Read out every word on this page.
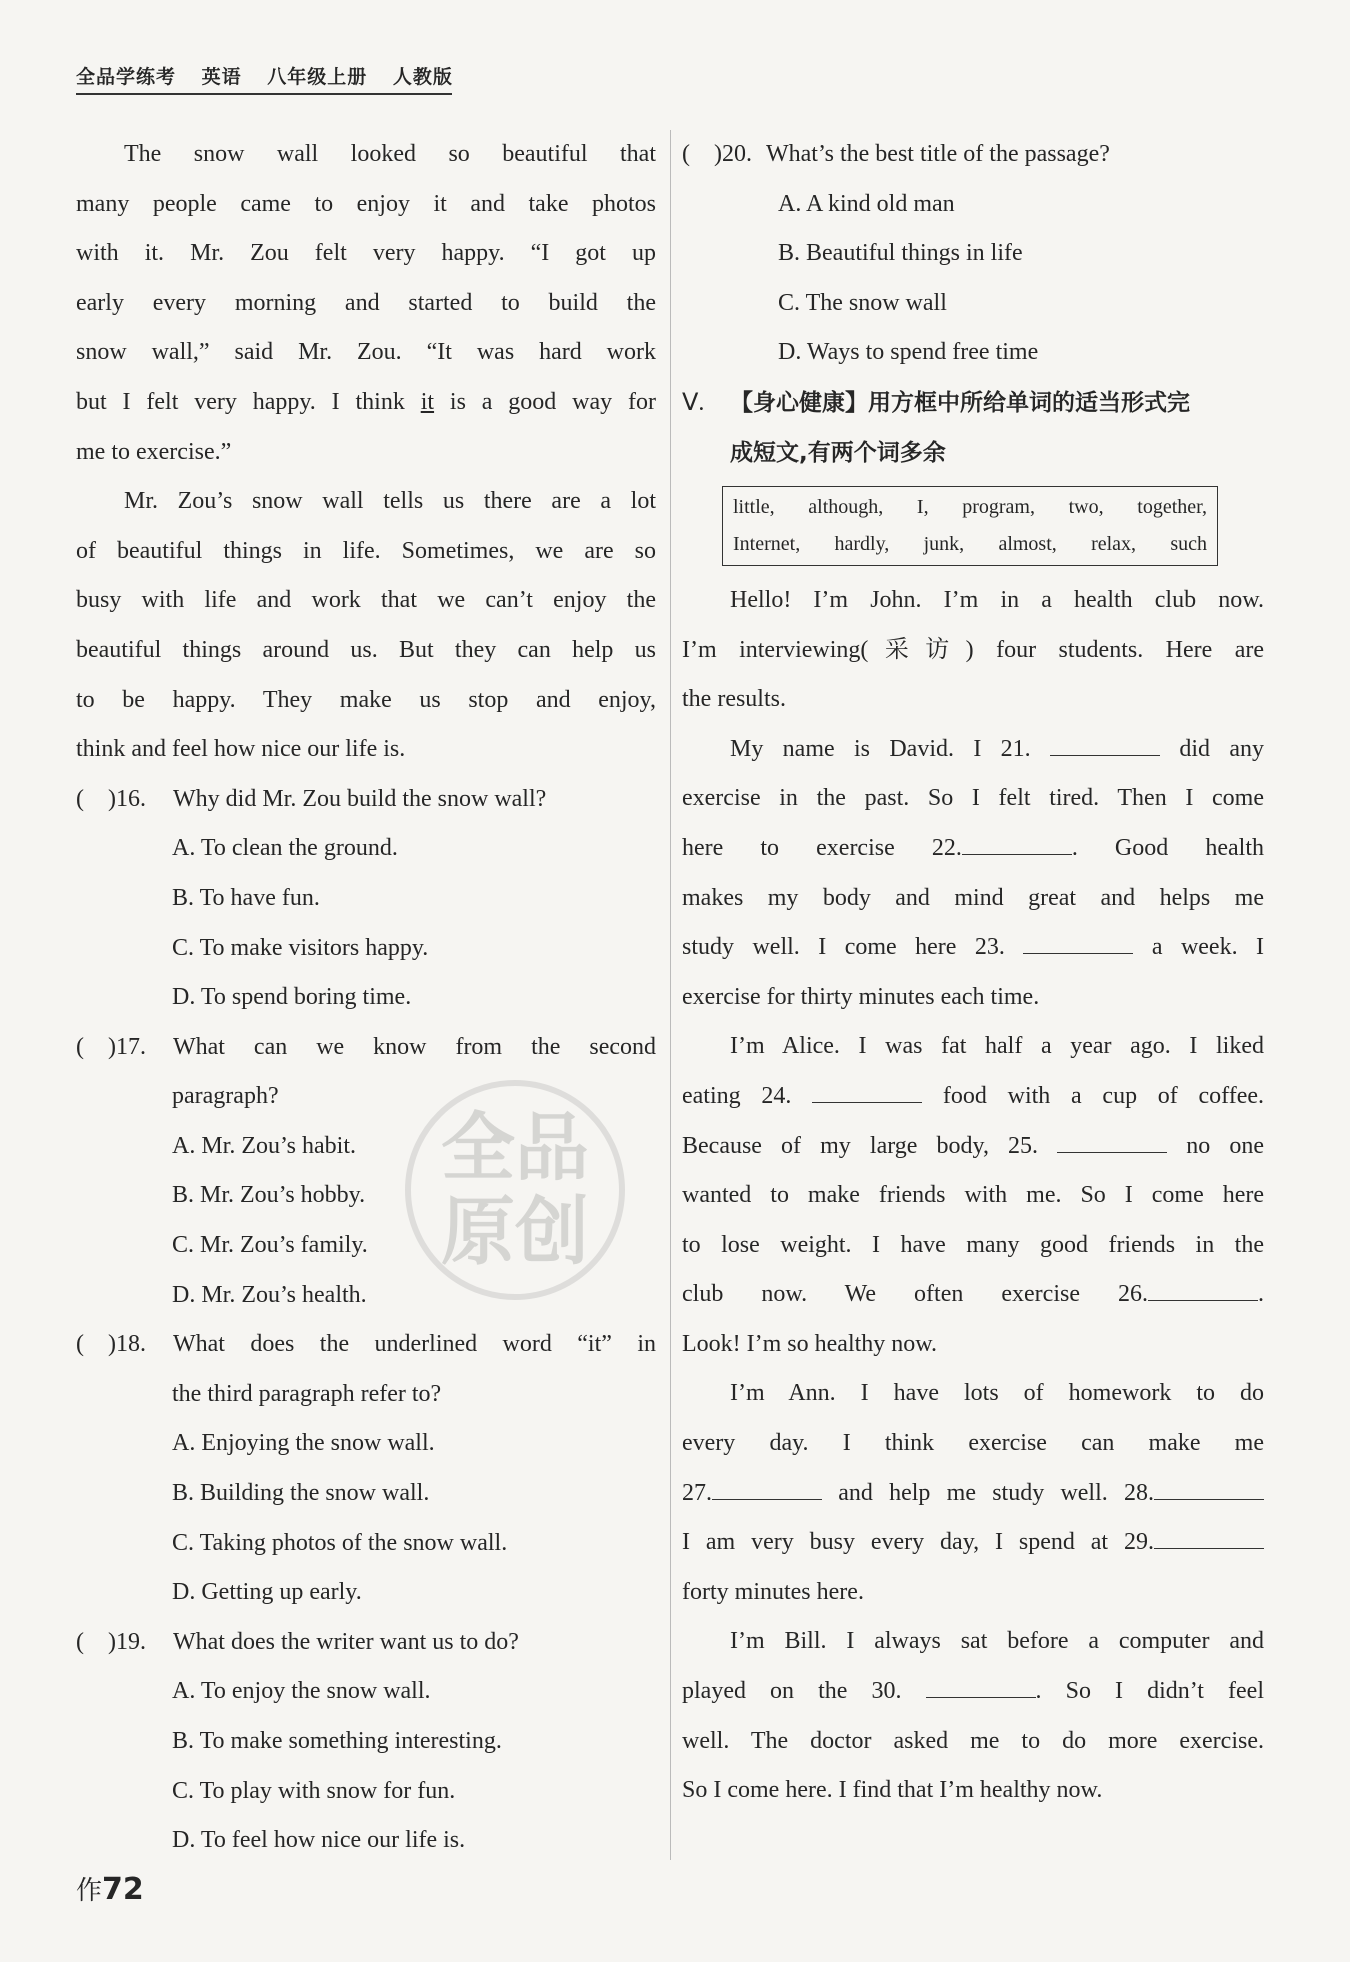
全品学练考 英语 八年级上册 人教版
全品
原创

The snow wall looked so beautiful that

many people came to enjoy it and take photos

with it. Mr. Zou felt very happy. “I got up

early every morning and started to build the

snow wall,” said Mr. Zou. “It was hard work

but I felt very happy. I think it is a good way for

me to exercise.”

Mr. Zou’s snow wall tells us there are a lot

of beautiful things in life. Sometimes, we are so

busy with life and work that we can’t enjoy the

beautiful things around us. But they can help us

to be happy. They make us stop and enjoy,

think and feel how nice our life is.

(　)16.	Why did Mr. Zou build the snow wall?
A. To clean the ground.
B. To have fun.
C. To make visitors happy.
D. To spend boring time.
(　)17.	What can we know from the second
paragraph?
A. Mr. Zou’s habit.
B. Mr. Zou’s hobby.
C. Mr. Zou’s family.
D. Mr. Zou’s health.
(　)18.	What does the underlined word “it” in
the third paragraph refer to?
A. Enjoying the snow wall.
B. Building the snow wall.
C. Taking photos of the snow wall.
D. Getting up early.
(　)19.	What does the writer want us to do?
A. To enjoy the snow wall.
B. To make something interesting.
C. To play with snow for fun.
D. To feel how nice our life is.
(　)20. What’s the best title of the passage?
A. A kind old man
B. Beautiful things in life
C. The snow wall
D. Ways to spend free time
Ⅴ.	【身心健康】用方框中所给单词的适当形式完
成短文,有两个词多余
little, although, I, program, two, together,
Internet, hardly, junk, almost, relax, such

Hello! I’m John. I’m in a health club now.

I’m interviewing(采访) four students. Here are

the results.

My name is David. I 21.	did any

exercise in the past. So I felt tired. Then I come

here to exercise 22.	. Good health

makes my body and mind great and helps me

study well. I come here 23.	a week. I

exercise for thirty minutes each time.

I’m Alice. I was fat half a year ago. I liked

eating 24.	food with a cup of coffee.

Because of my large body, 25.	no one

wanted to make friends with me. So I come here

to lose weight. I have many good friends in the

club now. We often exercise 26.	.

Look! I’m so healthy now.

I’m Ann. I have lots of homework to do

every day. I think exercise can make me

27.	and help me study well. 28.

I am very busy every day, I spend at 29.

forty minutes here.

I’m Bill. I always sat before a computer and

played on the 30.	. So I didn’t feel

well. The doctor asked me to do more exercise.

So I come here. I find that I’m healthy now.

作72
